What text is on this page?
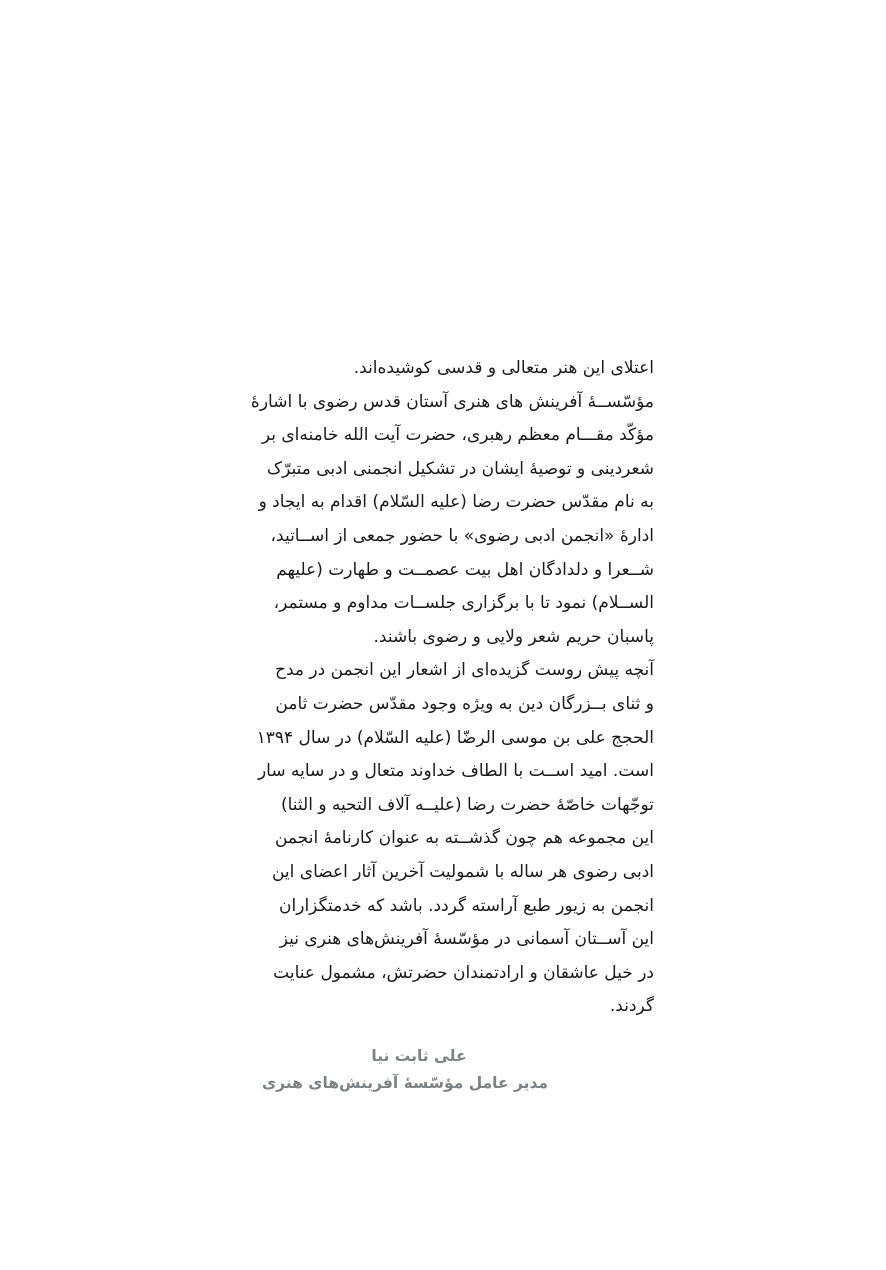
اعتلای این هنر متعالی و قدسی کوشیده‌اند.
مؤسّســهٔ آفرینش های هنری آستان قدس رضوی با اشارهٔ
مؤکّد مقـــام معظم رهبری، حضرت آیت الله خامنه‌ای بر
شعردینی و توصیهٔ ایشان در تشکیل انجمنی ادبی متبرّک
به نام مقدّس حضرت رضا (علیه السّلام) اقدام به ایجاد و
ادارهٔ «انجمن ادبی رضوی» با حضور جمعی از اســاتید،
شــعرا و دلدادگان اهل بیت عصمــت و طهارت (علیهم
الســلام) نمود تا با برگزاری جلســات مداوم و مستمر،
پاسبان حریم شعر ولایی و رضوی باشند.
آنچه پیش روست گزیده‌ای از اشعار این انجمن در مدح
و ثنای بــزرگان دین به ویژه وجود مقدّس حضرت ثامن
الحجج علی بن موسی الرضّا (علیه السّلام) در سال ۱۳۹۴
است. امید اســت با الطاف خداوند متعال و در سایه سار
توجّهات خاصّهٔ حضرت رضا (علیــه آلاف التحیه و الثنا)
این مجموعه هم چون گذشــته به عنوان کارنامهٔ انجمن
ادبی رضوی هر ساله با شمولیت آخرین آثار اعضای این
انجمن به زیور طبع آراسته گردد. باشد که خدمتگزاران
این آســتان آسمانی در مؤسّسهٔ آفرینش‌های هنری نیز
در خیل عاشقان و ارادتمندان حضرتش، مشمول عنایت
گردند.
علی ثابت نیا
مدیر عامل مؤسّسهٔ آفرینش‌های هنری
